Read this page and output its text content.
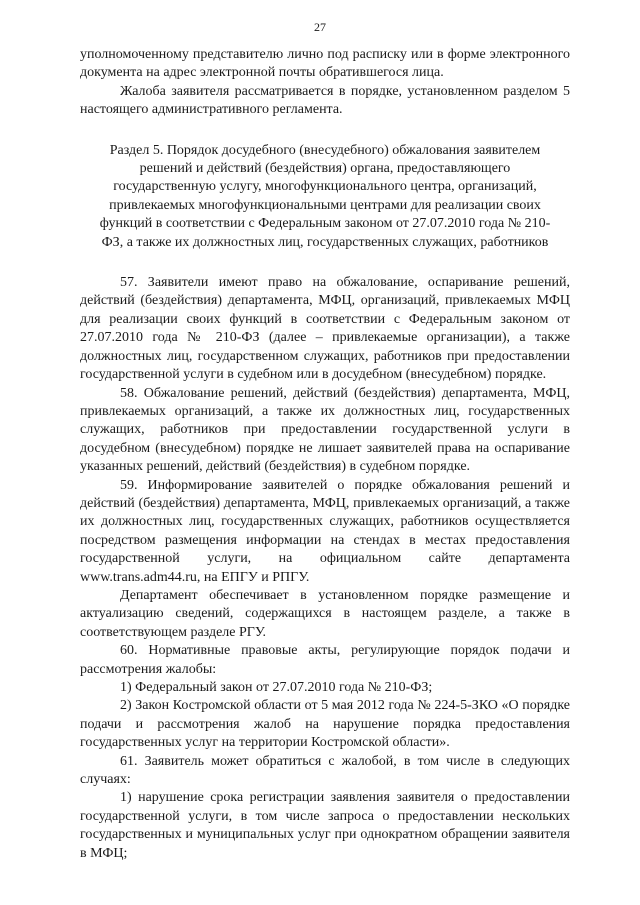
27

уполномоченному представителю лично под расписку или в форме электронного документа на адрес электронной почты обратившегося лица.

Жалоба заявителя рассматривается в порядке, установленном разделом 5 настоящего административного регламента.

Раздел 5. Порядок досудебного (внесудебного) обжалования заявителем решений и действий (бездействия) органа, предоставляющего государственную услугу, многофункционального центра, организаций, привлекаемых многофункциональными центрами для реализации своих функций в соответствии с Федеральным законом от 27.07.2010 года № 210-ФЗ, а также их должностных лиц, государственных служащих, работников

57. Заявители имеют право на обжалование, оспаривание решений, действий (бездействия) департамента, МФЦ, организаций, привлекаемых МФЦ для реализации своих функций в соответствии с Федеральным законом от 27.07.2010 года № 210-ФЗ (далее – привлекаемые организации), а также должностных лиц, государственном служащих, работников при предоставлении государственной услуги в судебном или в досудебном (внесудебном) порядке.

58. Обжалование решений, действий (бездействия) департамента, МФЦ, привлекаемых организаций, а также их должностных лиц, государственных служащих, работников при предоставлении государственной услуги в досудебном (внесудебном) порядке не лишает заявителей права на оспаривание указанных решений, действий (бездействия) в судебном порядке.

59. Информирование заявителей о порядке обжалования решений и действий (бездействия) департамента, МФЦ, привлекаемых организаций, а также их должностных лиц, государственных служащих, работников осуществляется посредством размещения информации на стендах в местах предоставления государственной услуги, на официальном сайте департамента www.trans.adm44.ru, на ЕПГУ и РПГУ.

Департамент обеспечивает в установленном порядке размещение и актуализацию сведений, содержащихся в настоящем разделе, а также в соответствующем разделе РГУ.

60. Нормативные правовые акты, регулирующие порядок подачи и рассмотрения жалобы:

1) Федеральный закон от 27.07.2010 года № 210-ФЗ;

2) Закон Костромской области от 5 мая 2012 года № 224-5-ЗКО «О порядке подачи и рассмотрения жалоб на нарушение порядка предоставления государственных услуг на территории Костромской области».

61. Заявитель может обратиться с жалобой, в том числе в следующих случаях:

1) нарушение срока регистрации заявления заявителя о предоставлении государственной услуги, в том числе запроса о предоставлении нескольких государственных и муниципальных услуг при однократном обращении заявителя в МФЦ;
